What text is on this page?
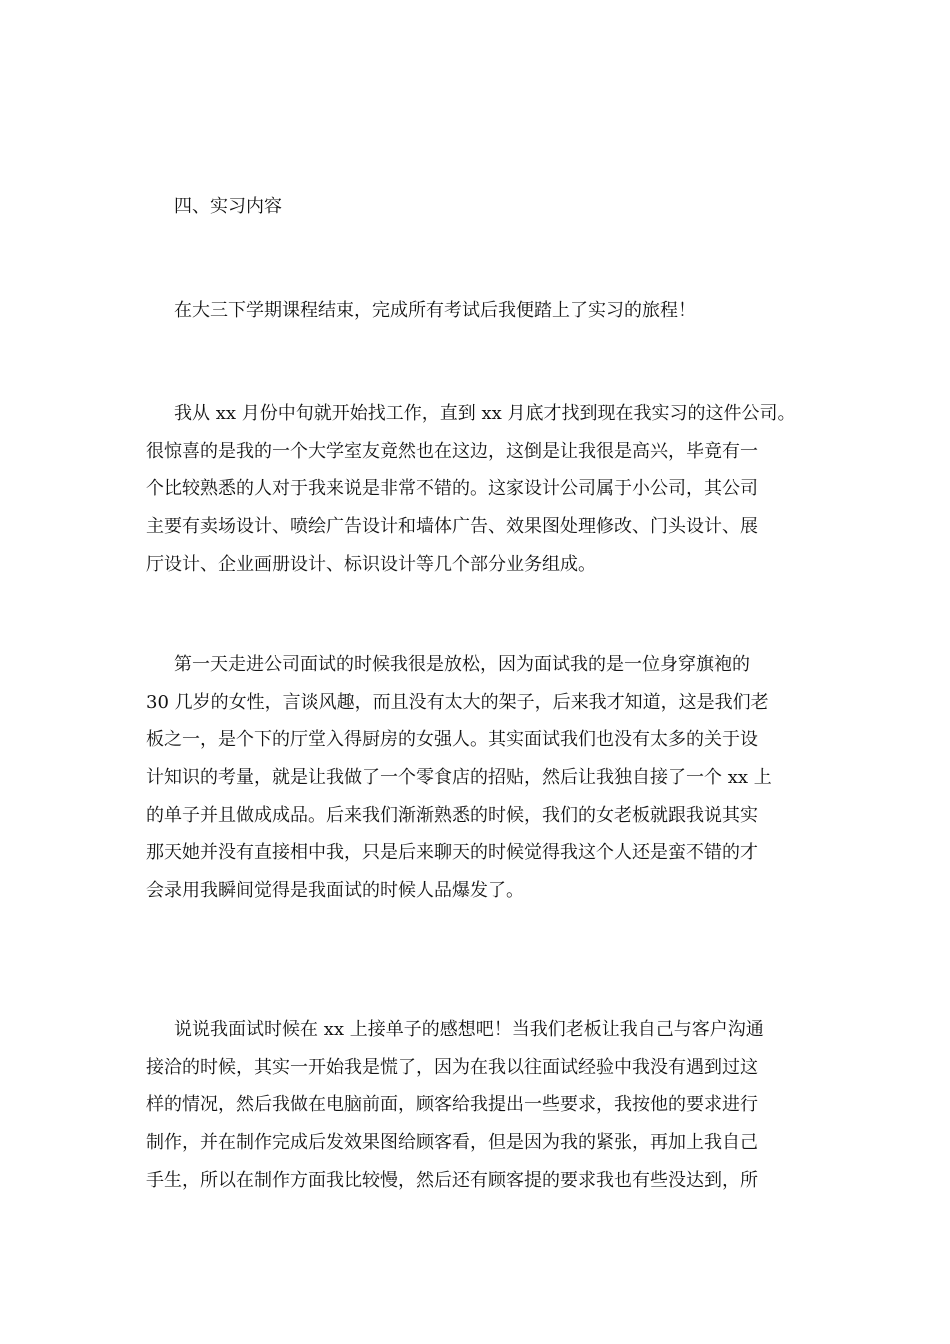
四、实习内容
在大三下学期课程结束，完成所有考试后我便踏上了实习的旅程！
我从 xx 月份中旬就开始找工作，直到 xx 月底才找到现在我实习的这件公司。
很惊喜的是我的一个大学室友竟然也在这边，这倒是让我很是高兴，毕竟有一
个比较熟悉的人对于我来说是非常不错的。这家设计公司属于小公司，其公司
主要有卖场设计、喷绘广告设计和墙体广告、效果图处理修改、门头设计、展
厅设计、企业画册设计、标识设计等几个部分业务组成。
第一天走进公司面试的时候我很是放松，因为面试我的是一位身穿旗袍的
30 几岁的女性，言谈风趣，而且没有太大的架子，后来我才知道，这是我们老
板之一，是个下的厅堂入得厨房的女强人。其实面试我们也没有太多的关于设
计知识的考量，就是让我做了一个零食店的招贴，然后让我独自接了一个 xx 上
的单子并且做成成品。后来我们渐渐熟悉的时候，我们的女老板就跟我说其实
那天她并没有直接相中我，只是后来聊天的时候觉得我这个人还是蛮不错的才
会录用我瞬间觉得是我面试的时候人品爆发了。
说说我面试时候在 xx 上接单子的感想吧！当我们老板让我自己与客户沟通
接洽的时候，其实一开始我是慌了，因为在我以往面试经验中我没有遇到过这
样的情况，然后我做在电脑前面，顾客给我提出一些要求，我按他的要求进行
制作，并在制作完成后发效果图给顾客看，但是因为我的紧张，再加上我自己
手生，所以在制作方面我比较慢，然后还有顾客提的要求我也有些没达到，所
